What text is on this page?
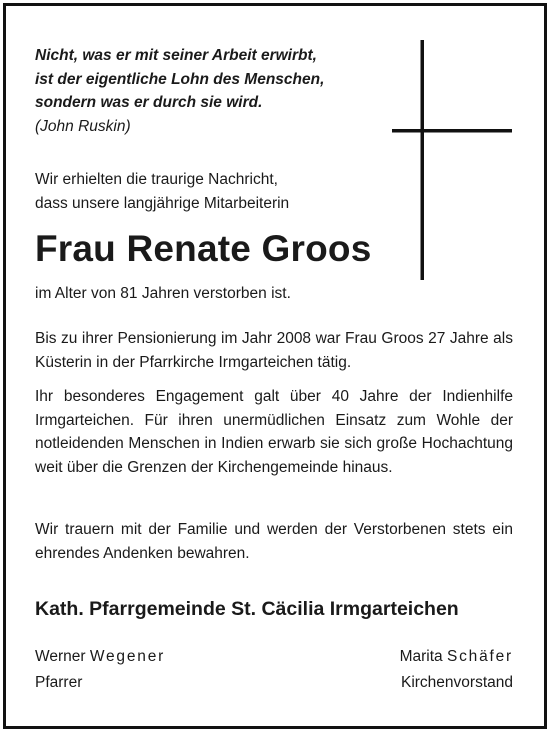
Nicht, was er mit seiner Arbeit erwirbt,
ist der eigentliche Lohn des Menschen,
sondern was er durch sie wird.
(John Ruskin)
Wir erhielten die traurige Nachricht,
dass unsere langjährige Mitarbeiterin
Frau Renate Groos
im Alter von 81 Jahren verstorben ist.
Bis zu ihrer Pensionierung im Jahr 2008 war Frau Groos 27 Jahre als Küsterin in der Pfarrkirche Irmgarteichen tätig.
Ihr besonderes Engagement galt über 40 Jahre der Indienhilfe Irmgarteichen. Für ihren unermüdlichen Einsatz zum Wohle der notleidenden Menschen in Indien erwarb sie sich große Hochachtung weit über die Grenzen der Kirchengemeinde hinaus.
Wir trauern mit der Familie und werden der Verstorbenen stets ein ehrendes Andenken bewahren.
Kath. Pfarrgemeinde St. Cäcilia Irmgarteichen
Werner Wegener
Pfarrer
Marita Schäfer
Kirchenvorstand
